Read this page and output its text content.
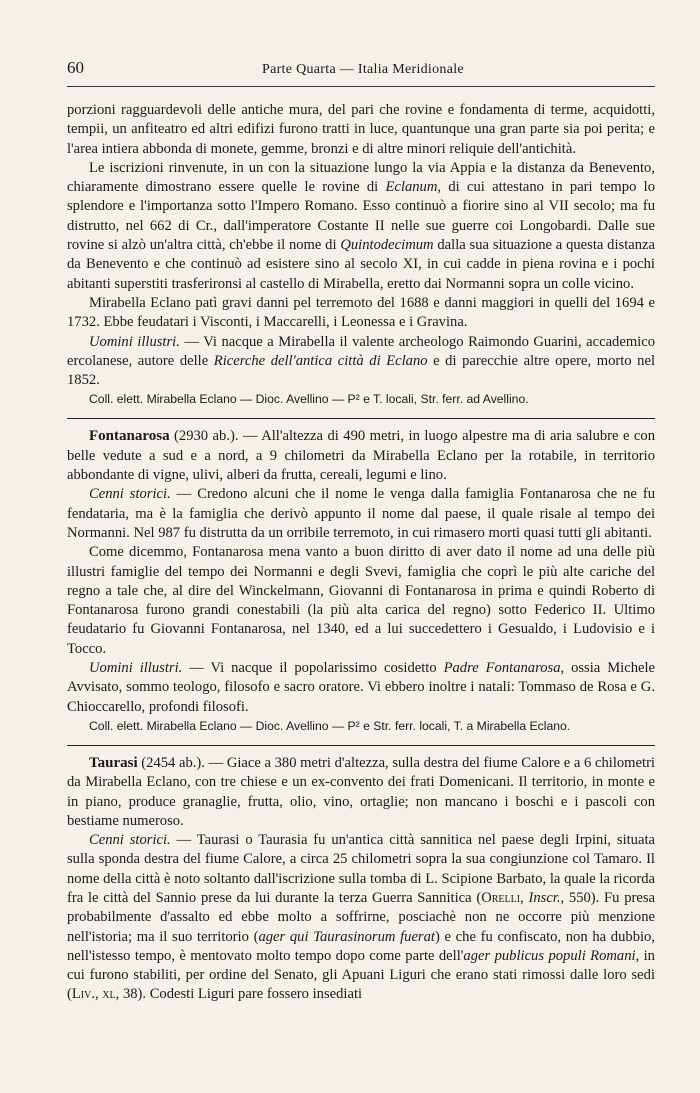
60	Parte Quarta — Italia Meridionale

porzioni ragguardevoli delle antiche mura, del pari che rovine e fondamenta di terme, acquidotti, tempii, un anfiteatro ed altri edifizi furono tratti in luce, quantunque una gran parte sia poi perita; e l'area intiera abbonda di monete, gemme, bronzi e di altre minori reliquie dell'antichità.

Le iscrizioni rinvenute, in un con la situazione lungo la via Appia e la distanza da Benevento, chiaramente dimostrano essere quelle le rovine di Eclanum, di cui attestano in pari tempo lo splendore e l'importanza sotto l'Impero Romano. Esso continuò a fiorire sino al VII secolo; ma fu distrutto, nel 662 di Cr., dall'imperatore Costante II nelle sue guerre coi Longobardi. Dalle sue rovine si alzò un'altra città, ch'ebbe il nome di Quintodecimum dalla sua situazione a questa distanza da Benevento e che continuò ad esistere sino al secolo XI, in cui cadde in piena rovina e i pochi abitanti superstiti trasferironsi al castello di Mirabella, eretto dai Normanni sopra un colle vicino.

Mirabella Eclano patì gravi danni pel terremoto del 1688 e danni maggiori in quelli del 1694 e 1732. Ebbe feudatari i Visconti, i Maccarelli, i Leonessa e i Gravina.

Uomini illustri. — Vi nacque a Mirabella il valente archeologo Raimondo Guarini, accademico ercolanese, autore delle Ricerche dell'antica città di Eclano e di parecchie altre opere, morto nel 1852.

Coll. elett. Mirabella Eclano — Dioc. Avellino — P² e T. locali, Str. ferr. ad Avellino.

Fontanarosa (2930 ab.). — All'altezza di 490 metri, in luogo alpestre ma di aria salubre e con belle vedute a sud e a nord, a 9 chilometri da Mirabella Eclano per la rotabile, in territorio abbondante di vigne, ulivi, alberi da frutta, cereali, legumi e lino.

Cenni storici. — Credono alcuni che il nome le venga dalla famiglia Fontanarosa che ne fu fendataria, ma è la famiglia che derivò appunto il nome dal paese, il quale risale al tempo dei Normanni. Nel 987 fu distrutta da un orribile terremoto, in cui rimasero morti quasi tutti gli abitanti.

Come dicemmo, Fontanarosa mena vanto a buon diritto di aver dato il nome ad una delle più illustri famiglie del tempo dei Normanni e degli Svevi, famiglia che coprì le più alte cariche del regno a tale che, al dire del Winckelmann, Giovanni di Fontanarosa in prima e quindi Roberto di Fontanarosa furono grandi conestabili (la più alta carica del regno) sotto Federico II. Ultimo feudatario fu Giovanni Fontanarosa, nel 1340, ed a lui succedettero i Gesualdo, i Ludovisio e i Tocco.

Uomini illustri. — Vi nacque il popolarissimo cosidetto Padre Fontanarosa, ossia Michele Avvisato, sommo teologo, filosofo e sacro oratore. Vi ebbero inoltre i natali: Tommaso de Rosa e G. Chioccarello, profondi filosofi.

Coll. elett. Mirabella Eclano — Dioc. Avellino — P² e Str. ferr. locali, T. a Mirabella Eclano.

Taurasi (2454 ab.). — Giace a 380 metri d'altezza, sulla destra del fiume Calore e a 6 chilometri da Mirabella Eclano, con tre chiese e un ex-convento dei frati Domenicani. Il territorio, in monte e in piano, produce granaglie, frutta, olio, vino, ortaglie; non mancano i boschi e i pascoli con bestiame numeroso.

Cenni storici. — Taurasi o Taurasia fu un'antica città sannitica nel paese degli Irpini, situata sulla sponda destra del fiume Calore, a circa 25 chilometri sopra la sua congiunzione col Tamaro. Il nome della città è noto soltanto dall'iscrizione sulla tomba di L. Scipione Barbato, la quale la ricorda fra le città del Sannio prese da lui durante la terza Guerra Sannitica (Orelli, Inscr., 550). Fu presa probabilmente d'assalto ed ebbe molto a soffrirne, posciachè non ne occorre più menzione nell'istoria; ma il suo territorio (ager qui Taurasinorum fuerat) e che fu confiscato, non ha dubbio, nell'istesso tempo, è mentovato molto tempo dopo come parte dell'ager publicus populi Romani, in cui furono stabiliti, per ordine del Senato, gli Apuani Liguri che erano stati rimossi dalle loro sedi (Liv., xl, 38). Codesti Liguri pare fossero insediati
